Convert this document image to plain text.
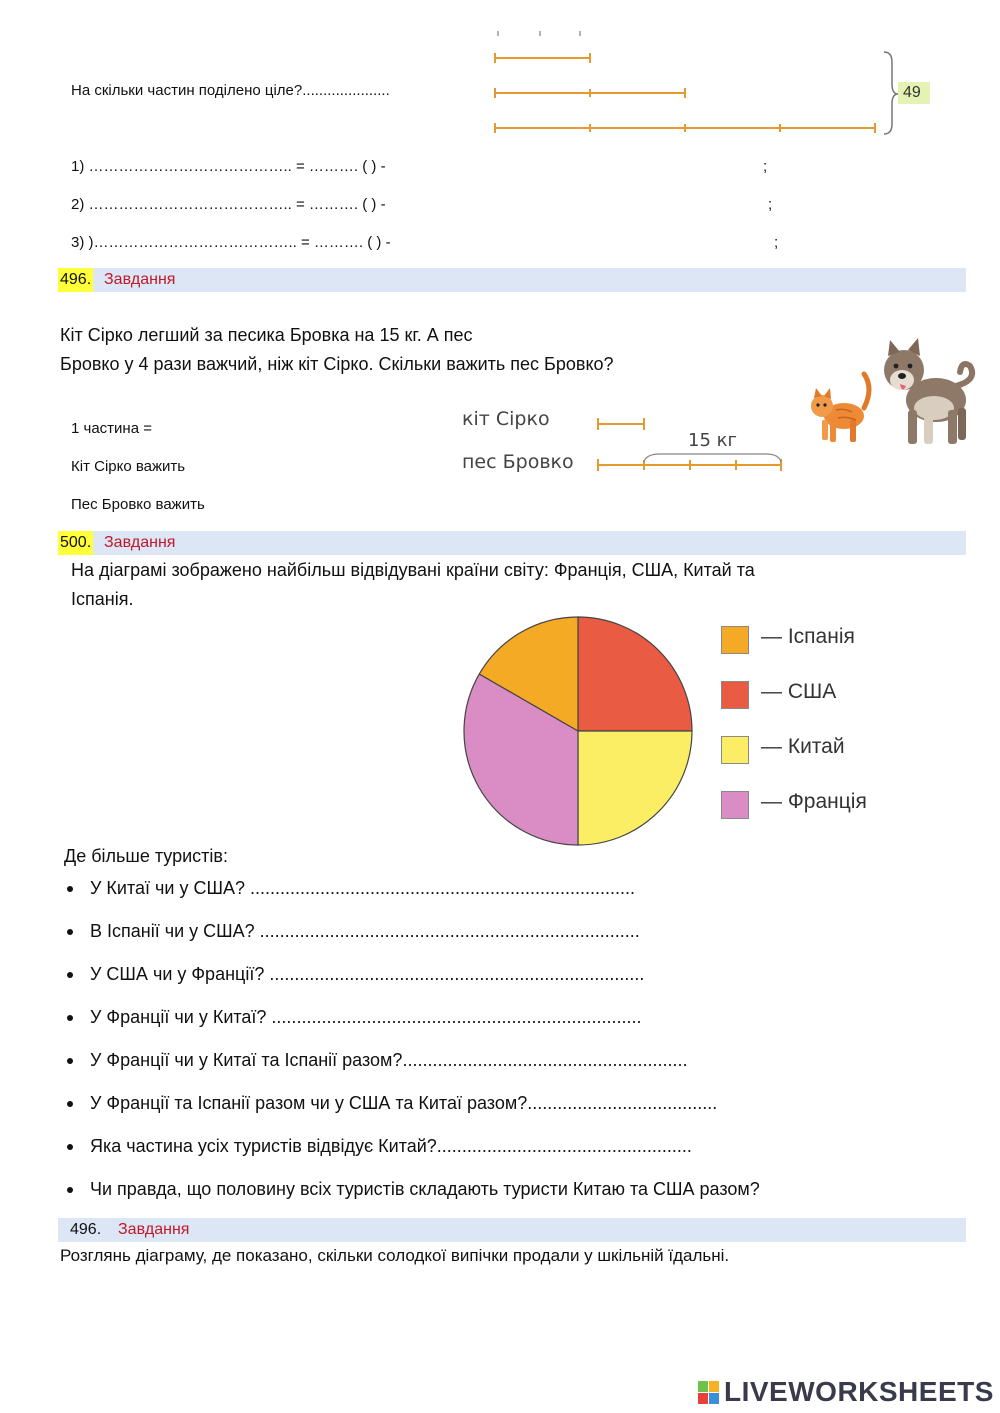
49
На скільки частин поділено ціле?.....................
1) ………………………………….. = ………. ( ) -	;
2) ………………………………….. = ………. ( ) -	;
3) )………………………………….. = ………. ( ) -	;
496. Завдання
Кіт Сірко легший за песика Бровка на 15 кг. А пес
Бровко у 4 рази важчий, ніж кіт Сірко. Скільки важить пес Бровко?
1 частина =
Кіт Сірко важить
Пес Бровко важить
кіт Сірко
пес Бровко
15 кг
500. Завдання
На діаграмі зображено найбільш відвідувані країни світу: Франція, США, Китай та
Іспанія.
— Іспанія
— США
— Китай
— Франція
Де більше туристів:
У Китаї чи у США? .............................................................................
В Іспанії чи у США? ............................................................................
У США чи у Франції? ...........................................................................
У Франції чи у Китаї? ..........................................................................
У Франції чи у Китаї та Іспанії разом?.........................................................
У Франції та Іспанії разом чи у США та Китаї разом?......................................
Яка частина усіх туристів відвідує Китай?...................................................
Чи правда, що половину всіх туристів складають туристи Китаю та США разом?
496. Завдання
Розглянь діаграму, де показано, скільки солодкої випічки продали у шкільній їдальні.
LIVEWORKSHEETS
